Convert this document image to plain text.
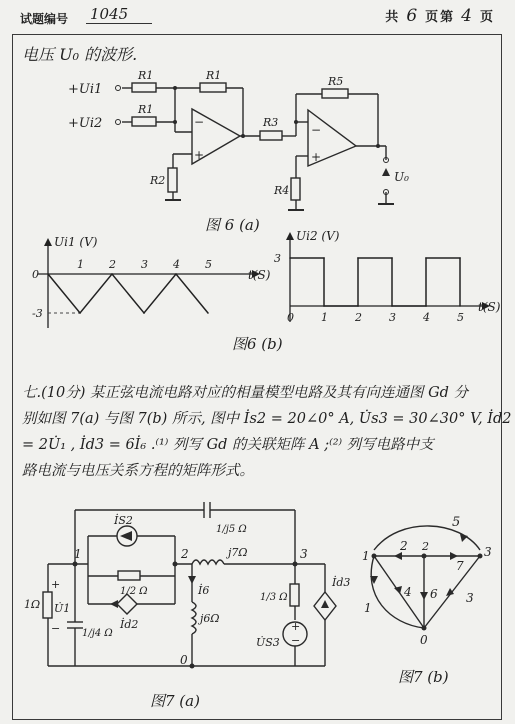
试题编号 1045	共 6 页第 4 页
电压 U₀ 的波形.
−
+
−
+
+Ui1
+Ui2
R1
R1
R1
R2
R3
R5
R4
U₀
图 6 (a)
Ui1 (V)
t(S)
1 2 3 4 5
0
-3
Ui2 (V)
t(S)
0 1 2 3 4 5
3
图6 (b)
七.(10分) 某正弦电流电路对应的相量模型电路及其有向连通图 Gd 分
别如图 7(a) 与图 7(b) 所示, 图中 İs2 = 20∠0° A, U̇s3 = 30∠30° V, İd2
= 2U̇₁ , İd3 = 6İ₆ .⁽¹⁾ 列写 Gd 的关联矩阵 A ;⁽²⁾ 列写电路中支
路电流与电压关系方程的矩阵形式。
+
−
+
−
1	2	3
0
İS2
1/j5 Ω
1/2 Ω
İd2
İ6
j6Ω
j7Ω
1/3 Ω
İd3
U̇S3
1Ω U̇1
1/j4 Ω
图7 (a)
1
2	3
0
1
2
3
4
5
6
7
图7 (b)
